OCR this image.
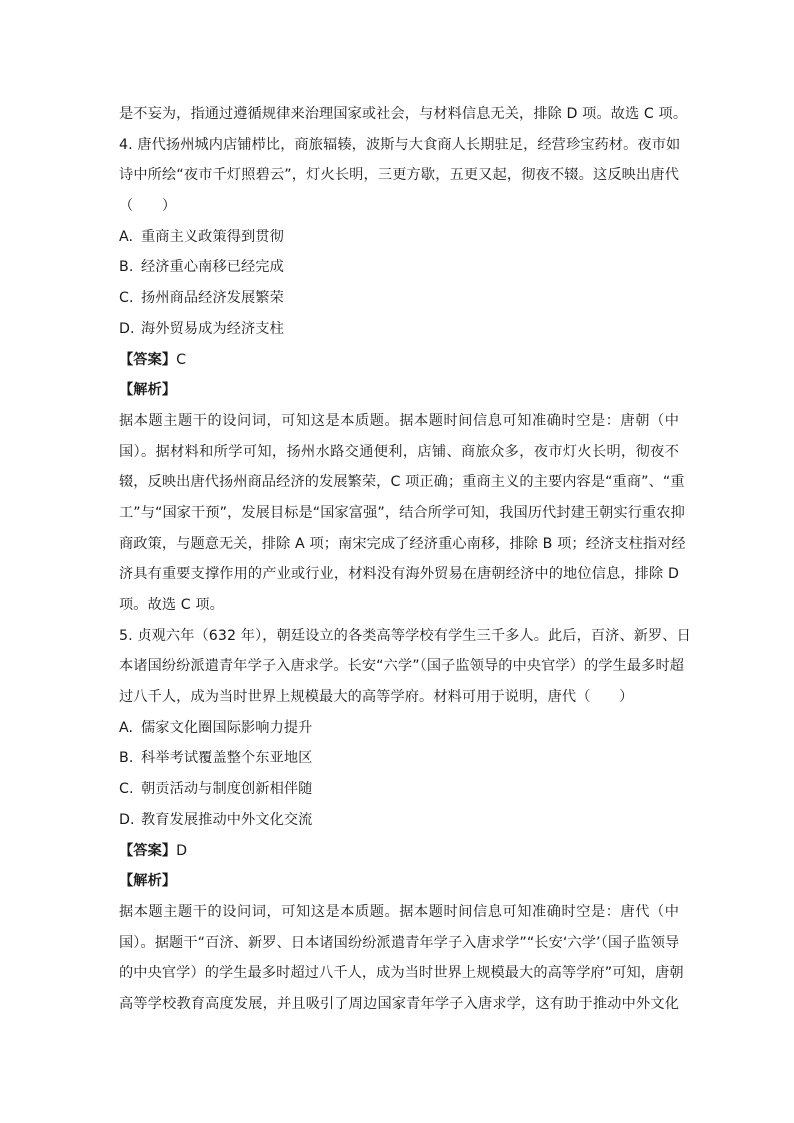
是不妄为，指通过遵循规律来治理国家或社会，与材料信息无关，排除 D 项。故选 C 项。
4. 唐代扬州城内店铺栉比，商旅辐辏，波斯与大食商人长期驻足，经营珍宝药材。夜市如
诗中所绘“夜市千灯照碧云”，灯火长明，三更方歇，五更又起，彻夜不辍。这反映出唐代
（　　）
A. 重商主义政策得到贯彻
B. 经济重心南移已经完成
C. 扬州商品经济发展繁荣
D. 海外贸易成为经济支柱
【答案】C
【解析】
据本题主题干的设问词，可知这是本质题。据本题时间信息可知准确时空是：唐朝（中
国）。据材料和所学可知，扬州水路交通便利，店铺、商旅众多，夜市灯火长明，彻夜不
辍，反映出唐代扬州商品经济的发展繁荣，C 项正确；重商主义的主要内容是“重商”、“重
工”与“国家干预”，发展目标是“国家富强”，结合所学可知，我国历代封建王朝实行重农抑
商政策，与题意无关，排除 A 项；南宋完成了经济重心南移，排除 B 项；经济支柱指对经
济具有重要支撑作用的产业或行业，材料没有海外贸易在唐朝经济中的地位信息，排除 D
项。故选 C 项。
5. 贞观六年（632 年），朝廷设立的各类高等学校有学生三千多人。此后，百济、新罗、日
本诸国纷纷派遣青年学子入唐求学。长安“六学”（国子监领导的中央官学）的学生最多时超
过八千人，成为当时世界上规模最大的高等学府。材料可用于说明，唐代（　　）
A. 儒家文化圈国际影响力提升
B. 科举考试覆盖整个东亚地区
C. 朝贡活动与制度创新相伴随
D. 教育发展推动中外文化交流
【答案】D
【解析】
据本题主题干的设问词，可知这是本质题。据本题时间信息可知准确时空是：唐代（中
国）。据题干“百济、新罗、日本诸国纷纷派遣青年学子入唐求学”“长安‘六学’（国子监领导
的中央官学）的学生最多时超过八千人，成为当时世界上规模最大的高等学府”可知，唐朝
高等学校教育高度发展，并且吸引了周边国家青年学子入唐求学，这有助于推动中外文化
